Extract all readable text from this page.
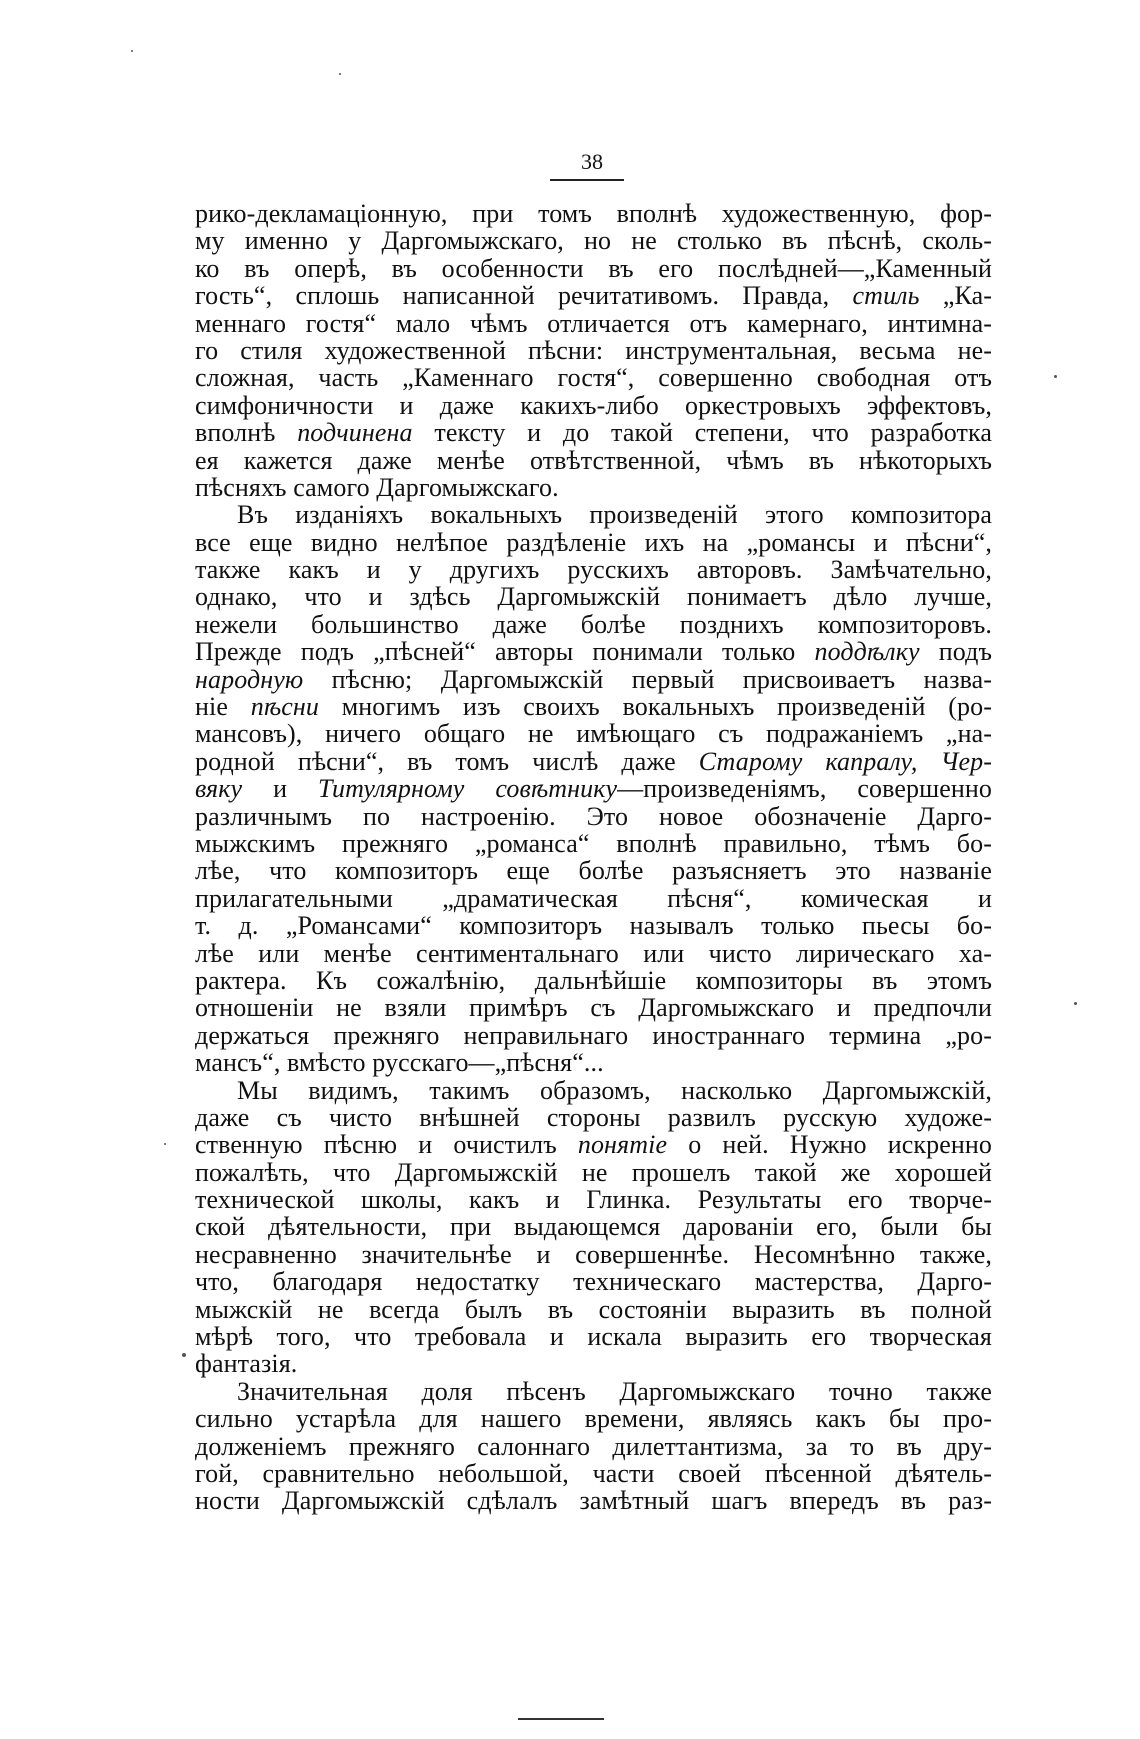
38
рико-декламаціонную, при томъ вполнѣ художественную, фор-
му именно у Даргомыжскаго, но не столько въ пѣснѣ, сколь-
ко въ оперѣ, въ особенности въ его послѣдней—„Каменный
гость“, сплошь написанной речитативомъ. Правда, стиль „Ка-
меннаго гостя“ мало чѣмъ отличается отъ камернаго, интимна-
го стиля художественной пѣсни: инструментальная, весьма не-
сложная, часть „Каменнаго гостя“, совершенно свободная отъ
симфоничности и даже какихъ-либо оркестровыхъ эффектовъ,
вполнѣ подчинена тексту и до такой степени, что разработка
ея кажется даже менѣе отвѣтственной, чѣмъ въ нѣкоторыхъ
пѣсняхъ самого Даргомыжскаго.
Въ изданіяхъ вокальныхъ произведеній этого композитора
все еще видно нелѣпое раздѣленіе ихъ на „романсы и пѣсни“,
также какъ и у другихъ русскихъ авторовъ. Замѣчательно,
однако, что и здѣсь Даргомыжскій понимаетъ дѣло лучше,
нежели большинство даже болѣе позднихъ композиторовъ.
Прежде подъ „пѣсней“ авторы понимали только поддѣлку подъ
народную пѣсню; Даргомыжскій первый присвоиваетъ назва-
ніе пѣсни многимъ изъ своихъ вокальныхъ произведеній (ро-
мансовъ), ничего общаго не имѣющаго съ подражаніемъ „на-
родной пѣсни“, въ томъ числѣ даже Старому капралу, Чер-
вяку и Титулярному совѣтнику—произведеніямъ, совершенно
различнымъ по настроенію. Это новое обозначеніе Дарго-
мыжскимъ прежняго „романса“ вполнѣ правильно, тѣмъ бо-
лѣе, что композиторъ еще болѣе разъясняетъ это названіе
прилагательными „драматическая пѣсня“, комическая и
т. д. „Романсами“ композиторъ называлъ только пьесы бо-
лѣе или менѣе сентиментальнаго или чисто лирическаго ха-
рактера. Къ сожалѣнію, дальнѣйшіе композиторы въ этомъ
отношеніи не взяли примѣръ съ Даргомыжскаго и предпочли
держаться прежняго неправильнаго иностраннаго термина „ро-
мансъ“, вмѣсто русскаго—„пѣсня“...
Мы видимъ, такимъ образомъ, насколько Даргомыжскій,
даже съ чисто внѣшней стороны развилъ русскую художе-
ственную пѣсню и очистилъ понятіе о ней. Нужно искренно
пожалѣть, что Даргомыжскій не прошелъ такой же хорошей
технической школы, какъ и Глинка. Результаты его творче-
ской дѣятельности, при выдающемся дарованіи его, были бы
несравненно значительнѣе и совершеннѣе. Несомнѣнно также,
что, благодаря недостатку техническаго мастерства, Дарго-
мыжскій не всегда былъ въ состояніи выразить въ полной
мѣрѣ того, что требовала и искала выразить его творческая
фантазія.
Значительная доля пѣсенъ Даргомыжскаго точно также
сильно устарѣла для нашего времени, являясь какъ бы про-
долженіемъ прежняго салоннаго дилеттантизма, за то въ дру-
гой, сравнительно небольшой, части своей пѣсенной дѣятель-
ности Даргомыжскій сдѣлалъ замѣтный шагъ впередъ въ раз-
